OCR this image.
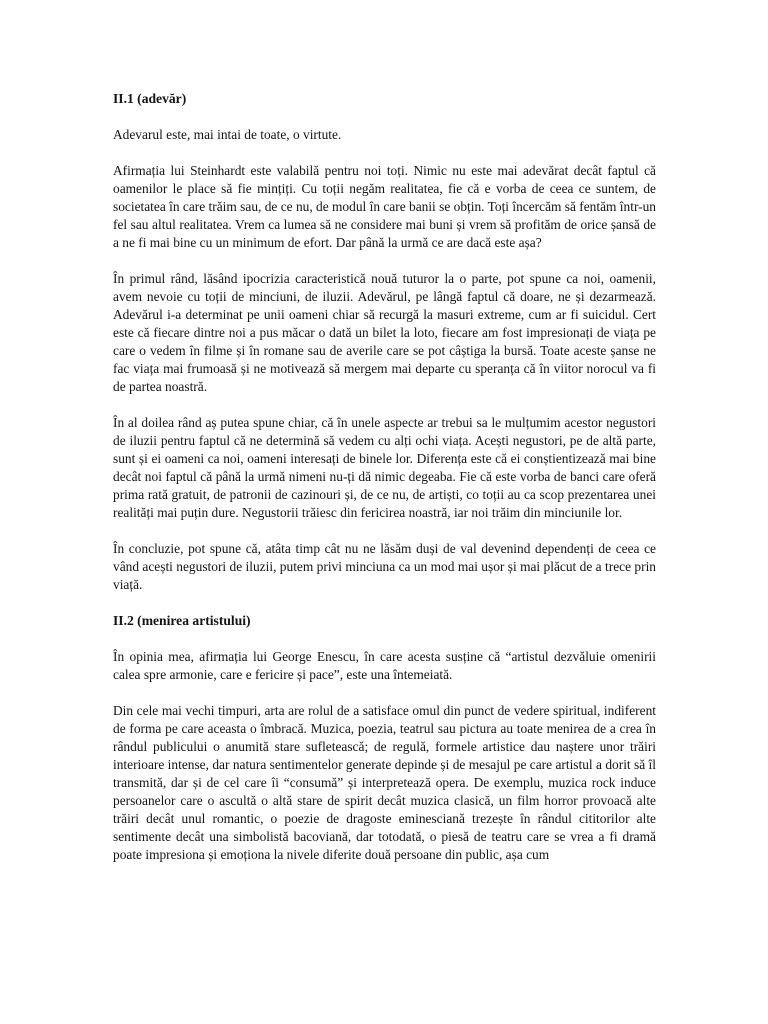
II.1 (adevăr)

Adevarul este, mai intai de toate, o virtute.

Afirmația lui Steinhardt este valabilă pentru noi toți. Nimic nu este mai adevărat decât faptul că oamenilor le place să fie mințiți. Cu toții negăm realitatea, fie că e vorba de ceea ce suntem, de societatea în care trăim sau, de ce nu, de modul în care banii se obțin. Toți încercăm să fentăm într-un fel sau altul realitatea. Vrem ca lumea să ne considere mai buni și vrem să profităm de orice șansă de a ne fi mai bine cu un minimum de efort. Dar până la urmă ce are dacă este așa?

În primul rând, lăsând ipocrizia caracteristică nouă tuturor la o parte, pot spune ca noi, oamenii, avem nevoie cu toții de minciuni, de iluzii. Adevărul, pe lângă faptul că doare, ne și dezarmează. Adevărul i-a determinat pe unii oameni chiar să recurgă la masuri extreme, cum ar fi suicidul. Cert este că fiecare dintre noi a pus măcar o dată un bilet la loto, fiecare am fost impresionați de viața pe care o vedem în filme și în romane sau de averile care se pot câștiga la bursă. Toate aceste șanse ne fac viața mai frumoasă și ne motivează să mergem mai departe cu speranța că în viitor norocul va fi de partea noastră.

În al doilea rând aș putea spune chiar, că în unele aspecte ar trebui sa le mulțumim acestor negustori de iluzii pentru faptul că ne determină să vedem cu alți ochi viața. Acești negustori, pe de altă parte, sunt și ei oameni ca noi, oameni interesați de binele lor. Diferența este că ei conștientizează mai bine decât noi faptul că până la urmă nimeni nu-ți dă nimic degeaba. Fie că este vorba de banci care oferă prima rată gratuit, de patronii de cazinouri și, de ce nu, de artiști, co toții au ca scop prezentarea unei realități mai puțin dure. Negustorii trăiesc din fericirea noastră, iar noi trăim din minciunile lor.

În concluzie, pot spune că, atâta timp cât nu ne lăsăm duși de val devenind dependenți de ceea ce vând acești negustori de iluzii, putem privi minciuna ca un mod mai ușor și mai plăcut de a trece prin viață.

II.2 (menirea artistului)

În opinia mea, afirmația lui George Enescu, în care acesta susține că “artistul dezvăluie omenirii calea spre armonie, care e fericire și pace”, este una întemeiată.

Din cele mai vechi timpuri, arta are rolul de a satisface omul din punct de vedere spiritual, indiferent de forma pe care aceasta o îmbracă. Muzica, poezia, teatrul sau pictura au toate menirea de a crea în rândul publicului o anumită stare sufletească; de regulă, formele artistice dau naștere unor trăiri interioare intense, dar natura sentimentelor generate depinde și de mesajul pe care artistul a dorit să îl transmită, dar și de cel care îi “consumă” și interpretează opera. De exemplu, muzica rock induce persoanelor care o ascultă o altă stare de spirit decât muzica clasică, un film horror provoacă alte trăiri decât unul romantic, o poezie de dragoste eminesciană trezește în rândul cititorilor alte sentimente decât una simbolistă bacoviană, dar totodată, o piesă de teatru care se vrea a fi dramă poate impresiona și emoționa la nivele diferite două persoane din public, așa cum
